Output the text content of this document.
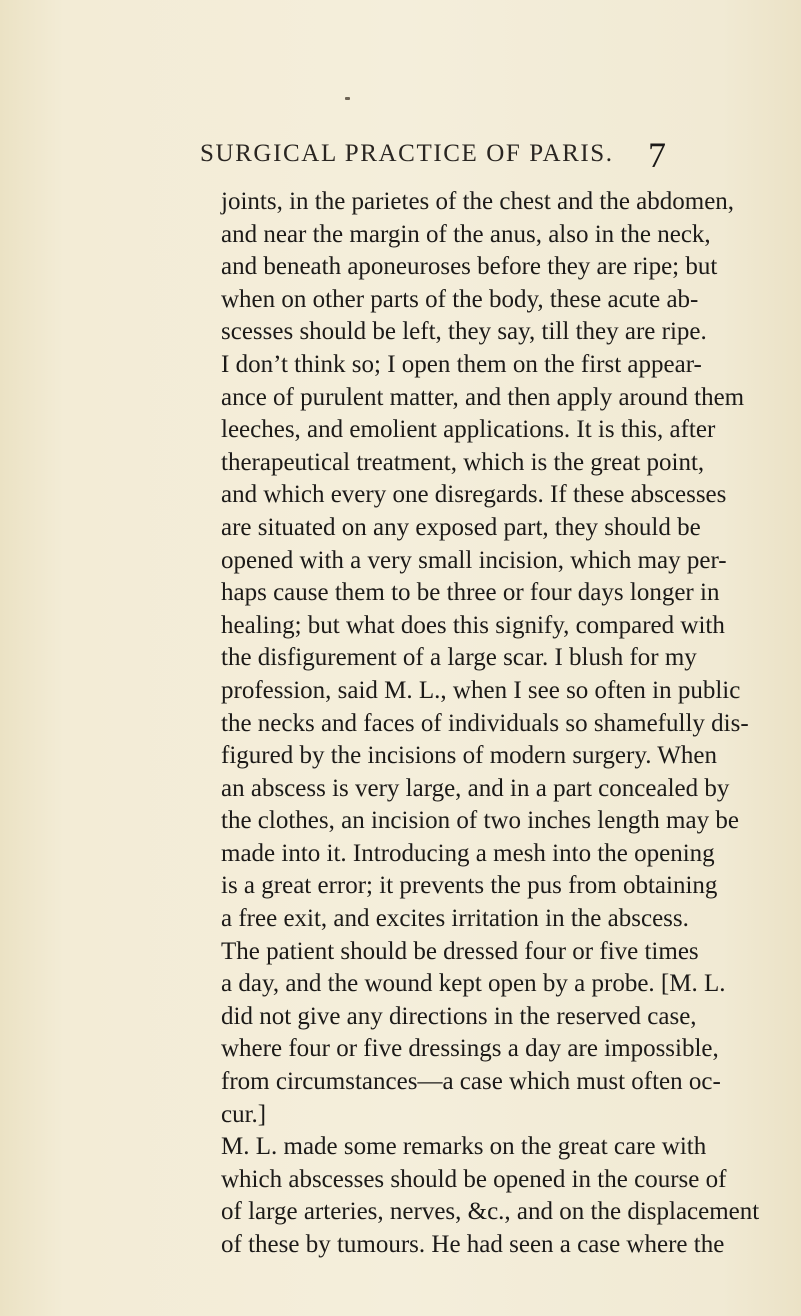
SURGICAL PRACTICE OF PARIS. 7
joints, in the parietes of the chest and the abdomen,
and near the margin of the anus, also in the neck,
and beneath aponeuroses before they are ripe; but
when on other parts of the body, these acute ab-
scesses should be left, they say, till they are ripe.
I don’t think so; I open them on the first appear-
ance of purulent matter, and then apply around them
leeches, and emolient applications. It is this, after
therapeutical treatment, which is the great point,
and which every one disregards. If these abscesses
are situated on any exposed part, they should be
opened with a very small incision, which may per-
haps cause them to be three or four days longer in
healing; but what does this signify, compared with
the disfigurement of a large scar. I blush for my
profession, said M. L., when I see so often in public
the necks and faces of individuals so shamefully dis-
figured by the incisions of modern surgery. When
an abscess is very large, and in a part concealed by
the clothes, an incision of two inches length may be
made into it. Introducing a mesh into the opening
is a great error; it prevents the pus from obtaining
a free exit, and excites irritation in the abscess.
The patient should be dressed four or five times
a day, and the wound kept open by a probe. [M. L.
did not give any directions in the reserved case,
where four or five dressings a day are impossible,
from circumstances—a case which must often oc-
cur.]
M. L. made some remarks on the great care with
which abscesses should be opened in the course of
of large arteries, nerves, &c., and on the displacement
of these by tumours. He had seen a case where the
